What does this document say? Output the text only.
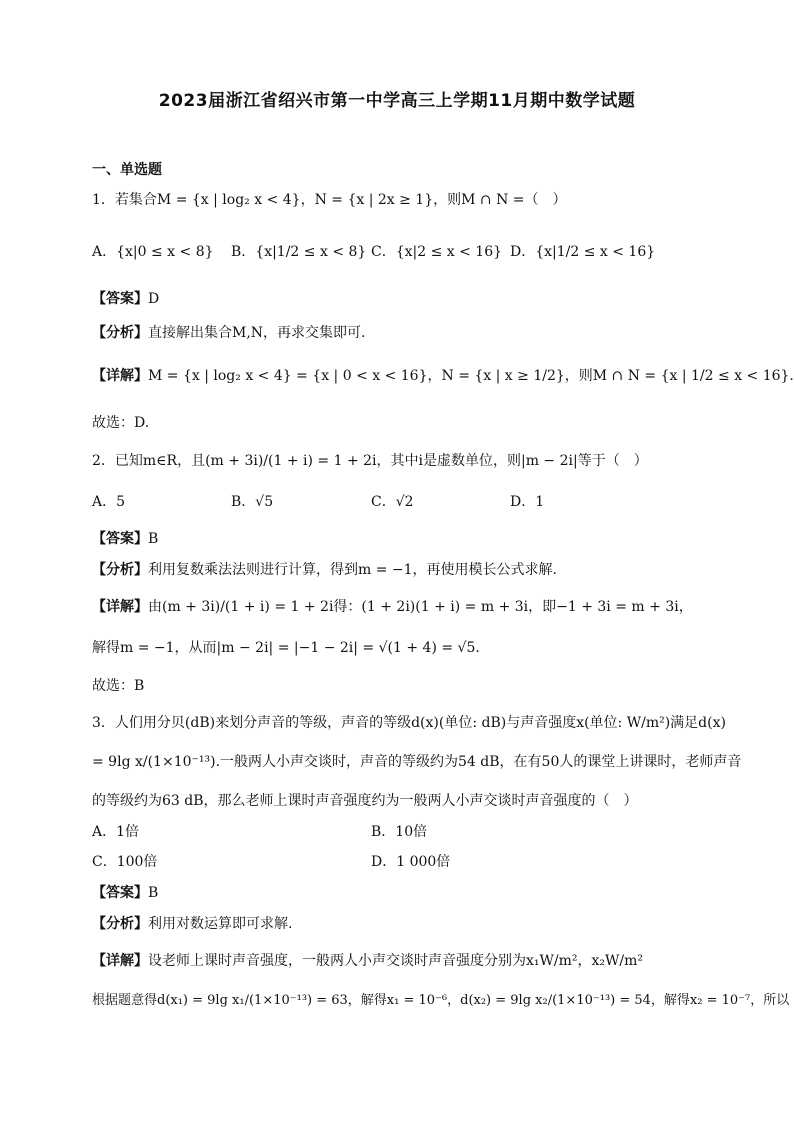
2023届浙江省绍兴市第一中学高三上学期11月期中数学试题
一、单选题
1．若集合M = {x | log₂ x < 4}，N = {x | 2x ≥ 1}，则M ∩ N =（　）
A．{x|0 ≤ x < 8} B．{x|1/2 ≤ x < 8} C．{x|2 ≤ x < 16} D．{x|1/2 ≤ x < 16}
【答案】D
【分析】直接解出集合M,N，再求交集即可.
【详解】M = {x | log₂ x < 4} = {x | 0 < x < 16}，N = {x | x ≥ 1/2}，则M ∩ N = {x | 1/2 ≤ x < 16}.
故选：D.
2．已知m∈R，且(m + 3i)/(1 + i) = 1 + 2i，其中i是虚数单位，则|m − 2i|等于（　）
A．5	B．√5	C．√2	D．1
【答案】B
【分析】利用复数乘法法则进行计算，得到m = −1，再使用模长公式求解.
【详解】由(m + 3i)/(1 + i) = 1 + 2i得：(1 + 2i)(1 + i) = m + 3i，即−1 + 3i = m + 3i，
解得m = −1，从而|m − 2i| = |−1 − 2i| = √(1 + 4) = √5.
故选：B
3．人们用分贝(dB)来划分声音的等级，声音的等级d(x)(单位: dB)与声音强度x(单位: W/m²)满足d(x)
= 9lg x/(1×10⁻¹³).一般两人小声交谈时，声音的等级约为54 dB，在有50人的课堂上讲课时，老师声音
的等级约为63 dB，那么老师上课时声音强度约为一般两人小声交谈时声音强度的（　）
A．1倍	B．10倍
C．100倍	D．1 000倍
【答案】B
【分析】利用对数运算即可求解.
【详解】设老师上课时声音强度，一般两人小声交谈时声音强度分别为x₁W/m²，x₂W/m²
根据题意得d(x₁) = 9lg x₁/(1×10⁻¹³) = 63，解得x₁ = 10⁻⁶，d(x₂) = 9lg x₂/(1×10⁻¹³) = 54，解得x₂ = 10⁻⁷，所以
